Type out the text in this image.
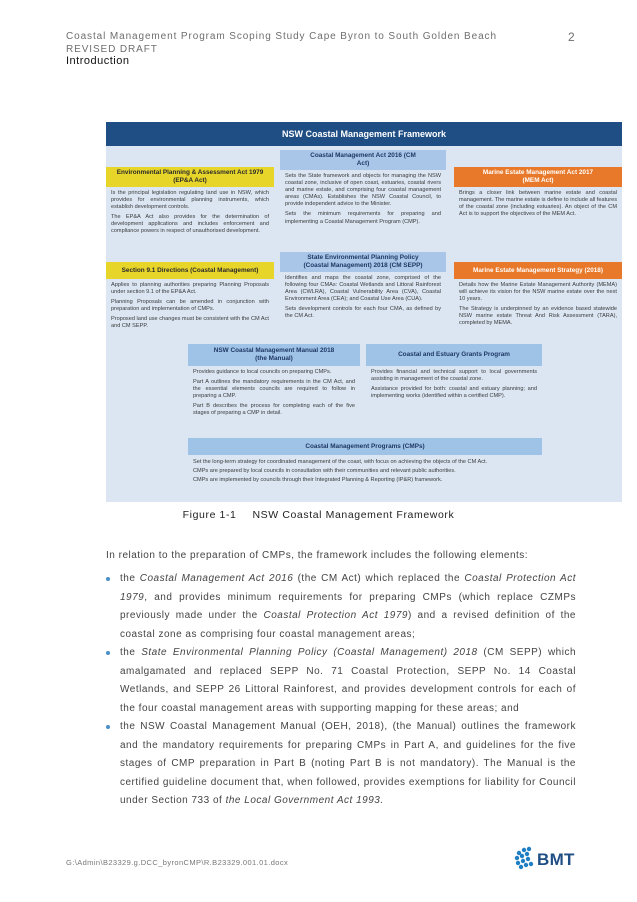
Coastal Management Program Scoping Study Cape Byron to South Golden Beach REVISED DRAFT
2
Introduction
NSW Coastal Management Framework
Coastal Management Act 2016 (CM Act)

Sets the State framework and objects for managing the NSW coastal zone, inclusive of open coast, estuaries, coastal rivers and marine estate, and comprising four coastal management areas (CMAs). Establishes the NSW Coastal Council, to provide independent advice to the Minister.

Sets the minimum requirements for preparing and implementing a Coastal Management Program (CMP).

Environmental Planning & Assessment Act 1979 (EP&A Act)

Is the principal legislation regulating land use in NSW, which provides for environmental planning instruments, which establish development controls.

The EP&A Act also provides for the determination of development applications and includes enforcement and compliance powers in respect of unauthorised development.

Marine Estate Management Act 2017 (MEM Act)

Brings a closer link between marine estate and coastal management. The marine estate is define to include all features of the coastal zone (including estuaries). An object of the CM Act is to support the objectives of the MEM Act.

State Environmental Planning Policy (Coastal Management) 2018 (CM SEPP)

Identifies and maps the coastal zone, comprised of the following four CMAs: Coastal Wetlands and Littoral Rainforest Area (CWLRA), Coastal Vulnerability Area (CVA), Coastal Environment Area (CEA); and Coastal Use Area (CUA).

Sets development controls for each four CMA, as defined by the CM Act.

Section 9.1 Directions (Coastal Management)

Applies to planning authorities preparing Planning Proposals under section 9.1 of the EP&A Act.

Planning Proposals can be amended in conjunction with preparation and implementation of CMPs.

Proposed land use changes must be consistent with the CM Act and CM SEPP.

Marine Estate Management Strategy (2018)

Details how the Marine Estate Management Authority (MEMA) will achieve its vision for the NSW marine estate over the next 10 years.

The Strategy is underpinned by an evidence based statewide NSW marine estate Threat And Risk Assessment (TARA), completed by MEMA.

NSW Coastal Management Manual 2018 (the Manual)

Provides guidance to local councils on preparing CMPs.

Part A outlines the mandatory requirements in the CM Act, and the essential elements councils are required to follow in preparing a CMP.

Part B describes the process for completing each of the five stages of preparing a CMP in detail.

Coastal and Estuary Grants Program

Provides financial and technical support to local governments assisting in management of the coastal zone.

Assistance provided for both: coastal and estuary planning; and implementing works (identified within a certified CMP).

Coastal Management Programs (CMPs)

Set the long-term strategy for coordinated management of the coast, with focus on achieving the objects of the CM Act.

CMPs are prepared by local councils in consultation with their communities and relevant public authorities.

CMPs are implemented by councils through their Integrated Planning & Reporting (IP&R) framework.

Figure 1-1 NSW Coastal Management Framework
In relation to the preparation of CMPs, the framework includes the following elements:
the Coastal Management Act 2016 (the CM Act) which replaced the Coastal Protection Act 1979, and provides minimum requirements for preparing CMPs (which replace CZMPs previously made under the Coastal Protection Act 1979) and a revised definition of the coastal zone as comprising four coastal management areas;
the State Environmental Planning Policy (Coastal Management) 2018 (CM SEPP) which amalgamated and replaced SEPP No. 71 Coastal Protection, SEPP No. 14 Coastal Wetlands, and SEPP 26 Littoral Rainforest, and provides development controls for each of the four coastal management areas with supporting mapping for these areas; and
the NSW Coastal Management Manual (OEH, 2018), (the Manual) outlines the framework and the mandatory requirements for preparing CMPs in Part A, and guidelines for the five stages of CMP preparation in Part B (noting Part B is not mandatory). The Manual is the certified guideline document that, when followed, provides exemptions for liability for Council under Section 733 of the Local Government Act 1993.
G:\Admin\B23329.g.DCC_byronCMP\R.B23329.001.01.docx	BMT
